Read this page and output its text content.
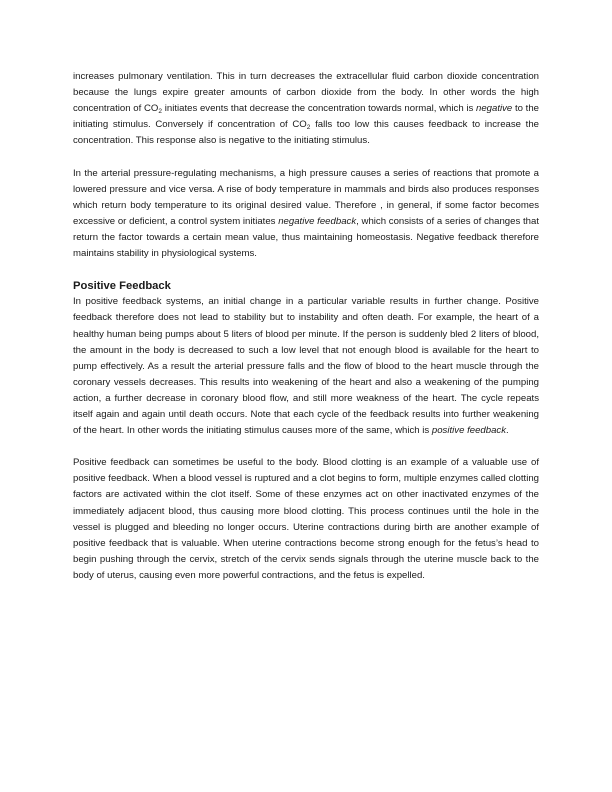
increases pulmonary ventilation. This in turn decreases the extracellular fluid carbon dioxide concentration because the lungs expire greater amounts of carbon dioxide from the body. In other words the high concentration of $CO_2$ initiates events that decrease the concentration towards normal, which is negative to the initiating stimulus. Conversely if concentration of $CO_2$ falls too low this causes feedback to increase the concentration. This response also is negative to the initiating stimulus.

In the arterial pressure-regulating mechanisms, a high pressure causes a series of reactions that promote a lowered pressure and vice versa. A rise of body temperature in mammals and birds also produces responses which return body temperature to its original desired value. Therefore , in general, if some factor becomes excessive or deficient, a control system initiates negative feedback, which consists of a series of changes that return the factor towards a certain mean value, thus maintaining homeostasis. Negative feedback therefore maintains stability in physiological systems.

Positive Feedback

In positive feedback systems, an initial change in a particular variable results in further change. Positive feedback therefore does not lead to stability but to instability and often death. For example, the heart of a healthy human being pumps about 5 liters of blood per minute. If the person is suddenly bled 2 liters of blood, the amount in the body is decreased to such a low level that not enough blood is available for the heart to pump effectively. As a result the arterial pressure falls and the flow of blood to the heart muscle through the coronary vessels decreases. This results into weakening of the heart and also a weakening of the pumping action, a further decrease in coronary blood flow, and still more weakness of the heart. The cycle repeats itself again and again until death occurs. Note that each cycle of the feedback results into further weakening of the heart. In other words the initiating stimulus causes more of the same, which is positive feedback.

Positive feedback can sometimes be useful to the body. Blood clotting is an example of a valuable use of positive feedback. When a blood vessel is ruptured and a clot begins to form, multiple enzymes called clotting factors are activated within the clot itself. Some of these enzymes act on other inactivated enzymes of the immediately adjacent blood, thus causing more blood clotting. This process continues until the hole in the vessel is plugged and bleeding no longer occurs. Uterine contractions during birth are another example of positive feedback that is valuable. When uterine contractions become strong enough for the fetus’s head to begin pushing through the cervix, stretch of the cervix sends signals through the uterine muscle back to the body of uterus, causing even more powerful contractions, and the fetus is expelled.
